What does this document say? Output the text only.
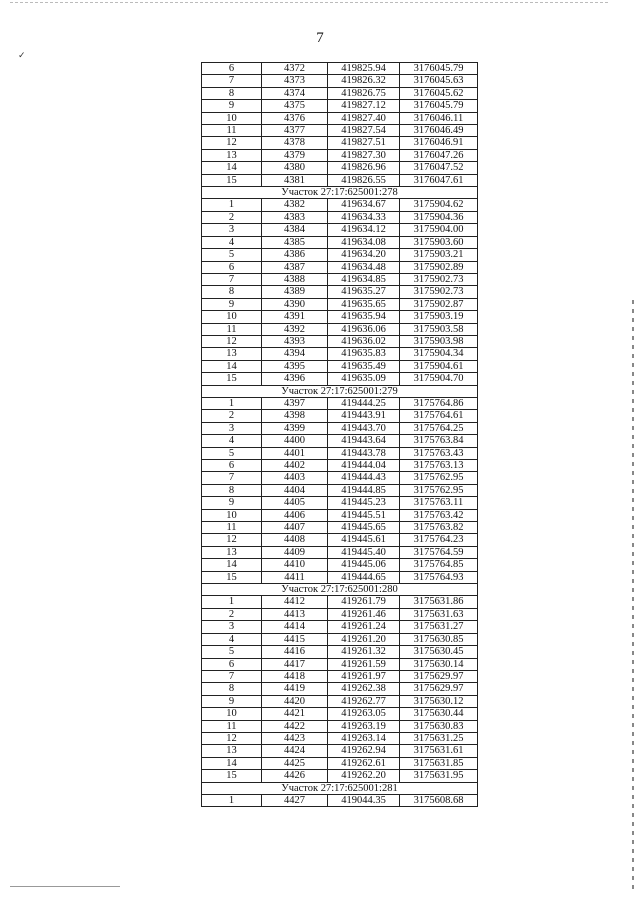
✓
7
6	4372	419825.94	3176045.79
7	4373	419826.32	3176045.63
8	4374	419826.75	3176045.62
9	4375	419827.12	3176045.79
10	4376	419827.40	3176046.11
11	4377	419827.54	3176046.49
12	4378	419827.51	3176046.91
13	4379	419827.30	3176047.26
14	4380	419826.96	3176047.52
15	4381	419826.55	3176047.61
Участок 27:17:625001:278			
1	4382	419634.67	3175904.62
2	4383	419634.33	3175904.36
3	4384	419634.12	3175904.00
4	4385	419634.08	3175903.60
5	4386	419634.20	3175903.21
6	4387	419634.48	3175902.89
7	4388	419634.85	3175902.73
8	4389	419635.27	3175902.73
9	4390	419635.65	3175902.87
10	4391	419635.94	3175903.19
11	4392	419636.06	3175903.58
12	4393	419636.02	3175903.98
13	4394	419635.83	3175904.34
14	4395	419635.49	3175904.61
15	4396	419635.09	3175904.70
Участок 27:17:625001:279			
1	4397	419444.25	3175764.86
2	4398	419443.91	3175764.61
3	4399	419443.70	3175764.25
4	4400	419443.64	3175763.84
5	4401	419443.78	3175763.43
6	4402	419444.04	3175763.13
7	4403	419444.43	3175762.95
8	4404	419444.85	3175762.95
9	4405	419445.23	3175763.11
10	4406	419445.51	3175763.42
11	4407	419445.65	3175763.82
12	4408	419445.61	3175764.23
13	4409	419445.40	3175764.59
14	4410	419445.06	3175764.85
15	4411	419444.65	3175764.93
Участок 27:17:625001:280			
1	4412	419261.79	3175631.86
2	4413	419261.46	3175631.63
3	4414	419261.24	3175631.27
4	4415	419261.20	3175630.85
5	4416	419261.32	3175630.45
6	4417	419261.59	3175630.14
7	4418	419261.97	3175629.97
8	4419	419262.38	3175629.97
9	4420	419262.77	3175630.12
10	4421	419263.05	3175630.44
11	4422	419263.19	3175630.83
12	4423	419263.14	3175631.25
13	4424	419262.94	3175631.61
14	4425	419262.61	3175631.85
15	4426	419262.20	3175631.95
Участок 27:17:625001:281			
1	4427	419044.35	3175608.68
